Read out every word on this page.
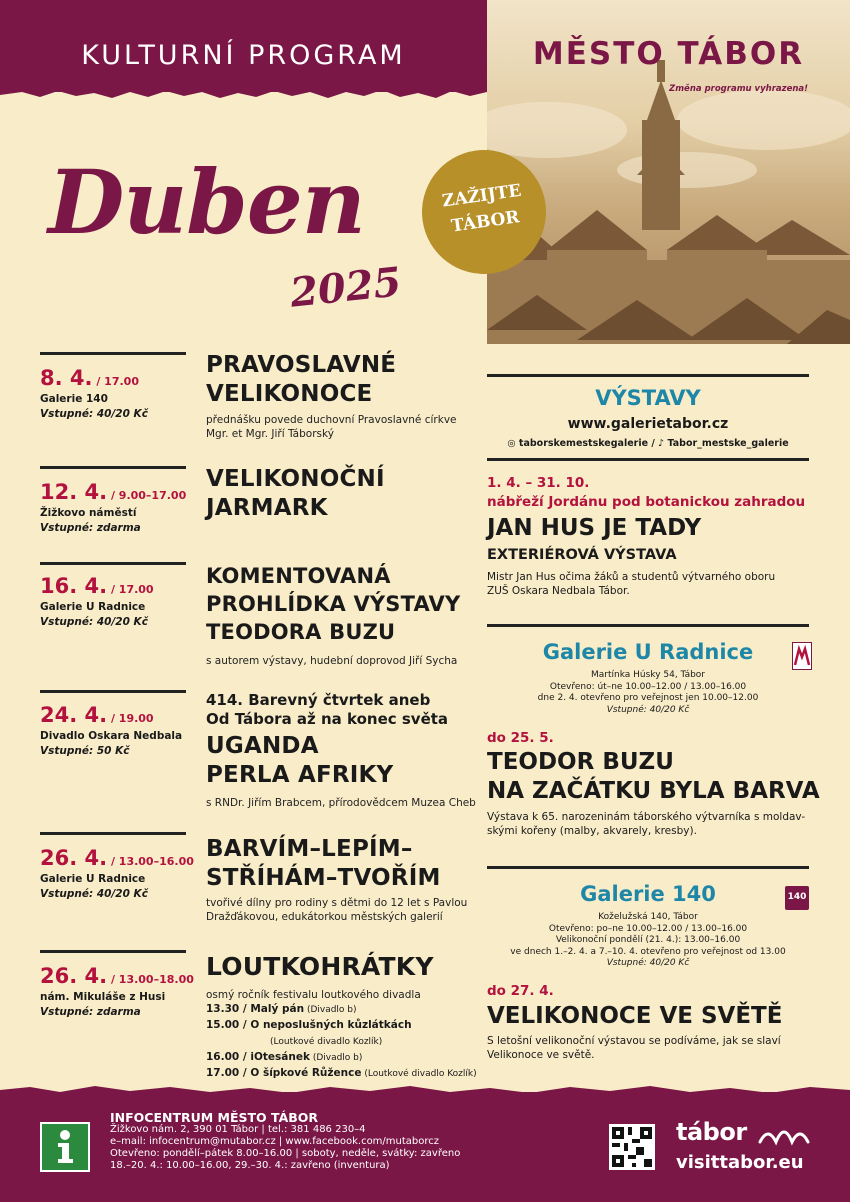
KULTURNÍ PROGRAM	MĚSTO TÁBOR
Změna programu vyhrazena!
Duben
2025
ZAŽIJTE
TÁBOR
8. 4. / 17.00
Galerie 140
Vstupné: 40/20 Kč
PRAVOSLAVNÉ
VELIKONOCE
přednášku povede duchovní Pravoslavné církve
Mgr. et Mgr. Jiří Táborský
12. 4. / 9.00–17.00
Žižkovo náměstí
Vstupné: zdarma
VELIKONOČNÍ
JARMARK
16. 4. / 17.00
Galerie U Radnice
Vstupné: 40/20 Kč
KOMENTOVANÁ
PROHLÍDKA VÝSTAVY
TEODORA BUZU
s autorem výstavy, hudební doprovod Jiří Sycha
24. 4. / 19.00
Divadlo Oskara Nedbala
Vstupné: 50 Kč
414. Barevný čtvrtek aneb
Od Tábora až na konec světa
UGANDA
PERLA AFRIKY
s RNDr. Jiřím Brabcem, přírodovědcem Muzea Cheb
26. 4. / 13.00–16.00
Galerie U Radnice
Vstupné: 40/20 Kč
BARVÍM–LEPÍM–
STŘÍHÁM–TVOŘÍM
tvořivé dílny pro rodiny s dětmi do 12 let s Pavlou
Dražďákovou, edukátorkou městských galerií
26. 4. / 13.00–18.00
nám. Mikuláše z Husi
Vstupné: zdarma
LOUTKOHRÁTKY
osmý ročník festivalu loutkového divadla
13.30 / Malý pán (Divadlo b)
15.00 / O neposlušných kůzlátkách
(Loutkové divadlo Kozlík)
16.00 / iOtesánek (Divadlo b)
17.00 / O šípkové Růžence (Loutkové divadlo Kozlík)
VÝSTAVY
www.galerietabor.cz
◎ taborskemestskegalerie / ♪ Tabor_mestske_galerie
1. 4. – 31. 10.
nábřeží Jordánu pod botanickou zahradou
JAN HUS JE TADY
EXTERIÉROVÁ VÝSTAVA
Mistr Jan Hus očima žáků a studentů výtvarného oboru
ZUŠ Oskara Nedbala Tábor.
Galerie U Radnice
Martínka Húsky 54, Tábor
Otevřeno: út–ne 10.00–12.00 / 13.00–16.00
dne 2. 4. otevřeno pro veřejnost jen 10.00–12.00
Vstupné: 40/20 Kč
do 25. 5.
TEODOR BUZU
NA ZAČÁTKU BYLA BARVA
Výstava k 65. narozeninám táborského výtvarníka s moldav-
skými kořeny (malby, akvarely, kresby).
Galerie 140	140
Koželužská 140, Tábor
Otevřeno: po–ne 10.00–12.00 / 13.00–16.00
Velikonoční pondělí (21. 4.): 13.00–16.00
ve dnech 1.–2. 4. a 7.–10. 4. otevřeno pro veřejnost od 13.00
Vstupné: 40/20 Kč
do 27. 4.
VELIKONOCE VE SVĚTĚ
S letošní velikonoční výstavou se podíváme, jak se slaví
Velikonoce ve světě.
INFOCENTRUM MĚSTO TÁBOR
Žižkovo nám. 2, 390 01 Tábor | tel.: 381 486 230–4
e–mail: infocentrum@mutabor.cz | www.facebook.com/mutaborcz
Otevřeno: pondělí–pátek 8.00–16.00 | soboty, neděle, svátky: zavřeno
18.–20. 4.: 10.00–16.00, 29.–30. 4.: zavřeno (inventura)
tábor
visittabor.eu
